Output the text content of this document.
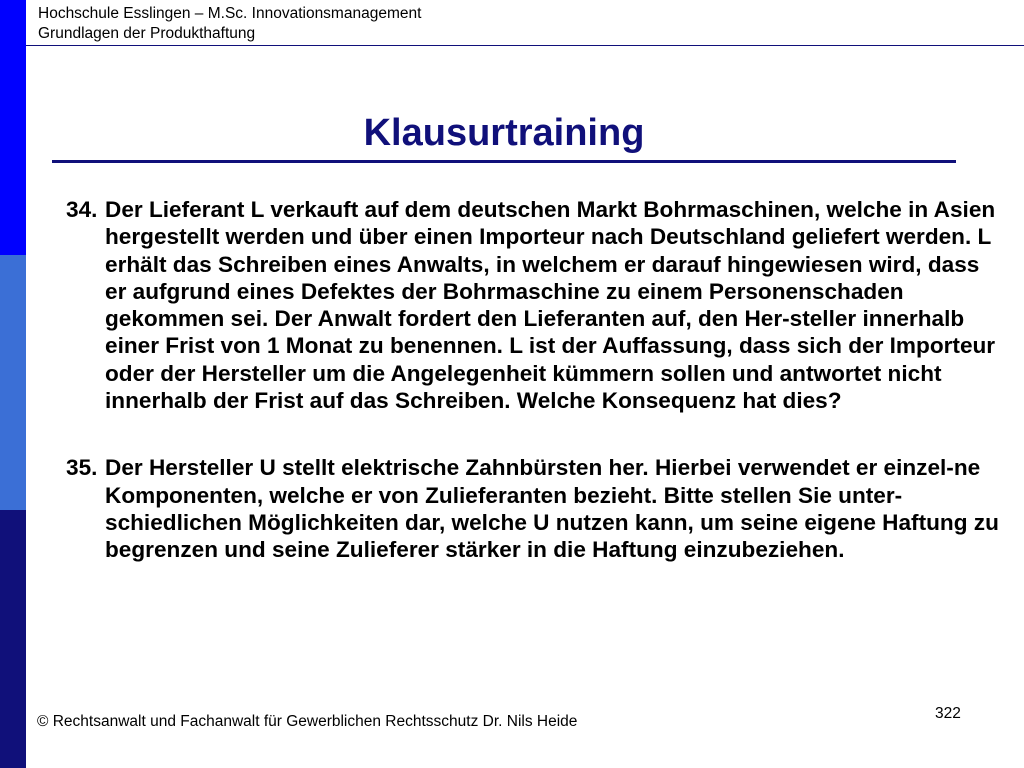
Hochschule Esslingen – M.Sc. Innovationsmanagement
Grundlagen der Produkthaftung
Klausurtraining
34. Der Lieferant L verkauft auf dem deutschen Markt Bohrmaschinen, welche in Asien hergestellt werden und über einen Importeur nach Deutschland geliefert werden. L erhält das Schreiben eines Anwalts, in welchem er darauf hingewiesen wird, dass er aufgrund eines Defektes der Bohrmaschine zu einem Personenschaden gekommen sei. Der Anwalt fordert den Lieferanten auf, den Her-steller innerhalb einer Frist von 1 Monat zu benennen. L ist der Auffassung, dass sich der Importeur oder der Hersteller um die Angelegenheit kümmern sollen und antwortet nicht innerhalb der Frist auf das Schreiben. Welche Konsequenz hat dies?
35. Der Hersteller U stellt elektrische Zahnbürsten her. Hierbei verwendet er einzel-ne Komponenten, welche er von Zulieferanten bezieht. Bitte stellen Sie unter-schiedlichen Möglichkeiten dar, welche U nutzen kann, um seine eigene Haftung zu begrenzen und seine Zulieferer stärker in die Haftung einzubeziehen.
322
© Rechtsanwalt und Fachanwalt für Gewerblichen Rechtsschutz Dr. Nils Heide
